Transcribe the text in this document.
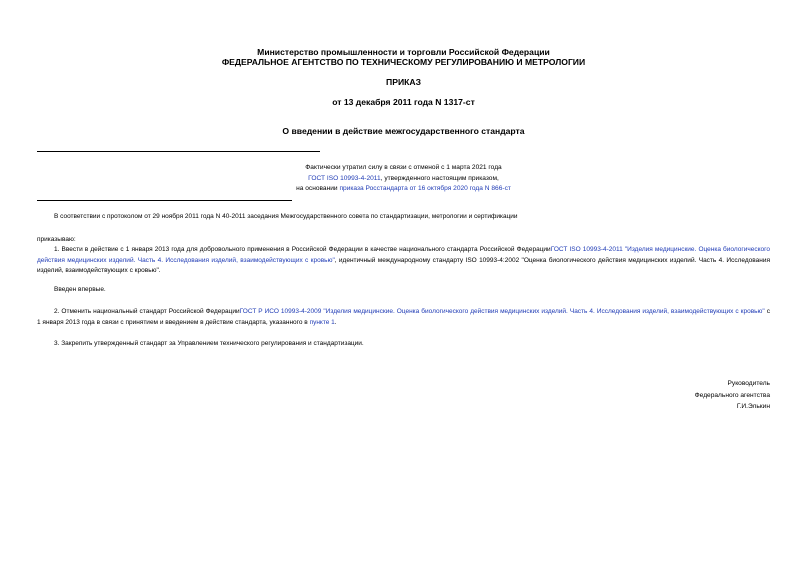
Министерство промышленности и торговли Российской Федерации
ФЕДЕРАЛЬНОЕ АГЕНТСТВО ПО ТЕХНИЧЕСКОМУ РЕГУЛИРОВАНИЮ И МЕТРОЛОГИИ
ПРИКАЗ
от 13 декабря 2011 года N 1317-ст
О введении в действие межгосударственного стандарта
Фактически утратил силу в связи с отменой с 1 марта 2021 года
ГОСТ ISO 10993-4-2011, утвержденного настоящим приказом,
на основании приказа Росстандарта от 16 октября 2020 года N 866-ст
В соответствии с протоколом от 29 ноября 2011 года N 40-2011 заседания Межгосударственного совета по стандартизации, метрологии и сертификации
приказываю:
1. Ввести в действие с 1 января 2013 года для добровольного применения в Российской Федерации в качестве национального стандарта Российской ФедерацииГОСТ ISO 10993-4-2011 "Изделия медицинские. Оценка биологического действия медицинских изделий. Часть 4. Исследования изделий, взаимодействующих с кровью", идентичный международному стандарту ISO 10993-4:2002 "Оценка биологического действия медицинских изделий. Часть 4. Исследования изделий, взаимодействующих с кровью".
Введен впервые.
2. Отменить национальный стандарт Российской ФедерацииГОСТ Р ИСО 10993-4-2009 "Изделия медицинские. Оценка биологического действия медицинских изделий. Часть 4. Исследования изделий, взаимодействующих с кровью" с 1 января 2013 года в связи с принятием и введением в действие стандарта, указанного в пункте 1.
3. Закрепить утвержденный стандарт за Управлением технического регулирования и стандартизации.
Руководитель
Федерального агентства
Г.И.Элькин
